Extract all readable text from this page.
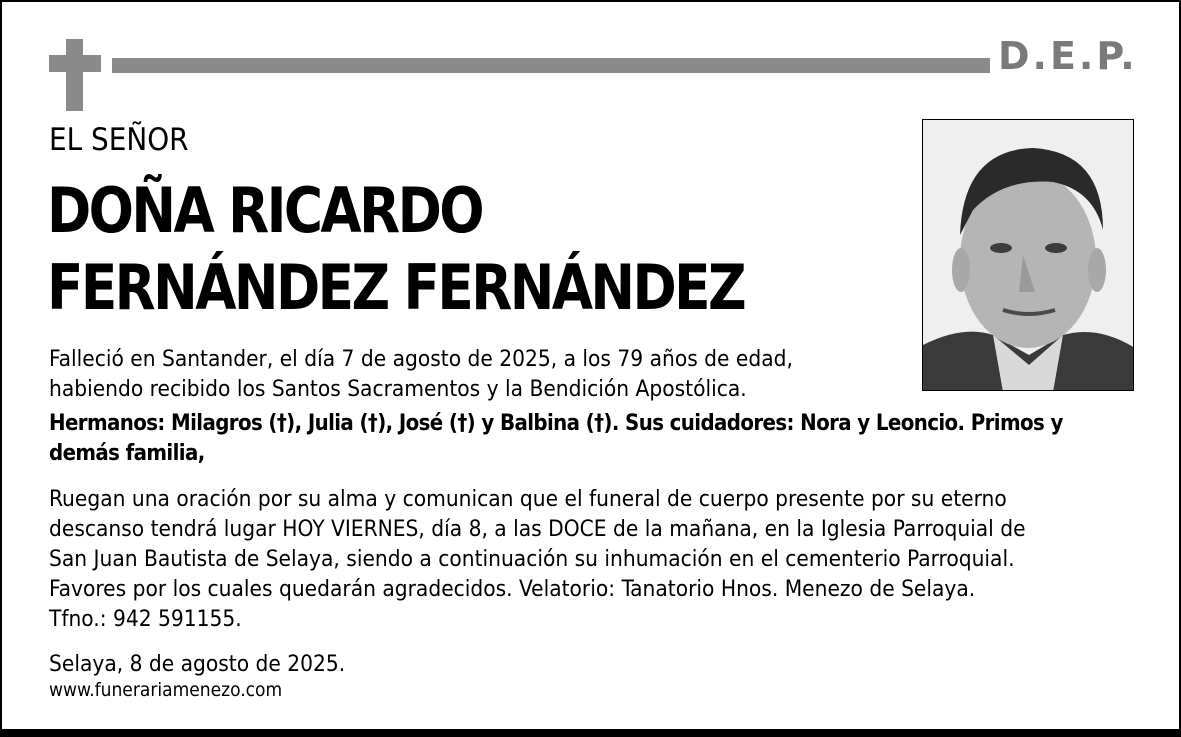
D.E.P.
EL SEÑOR
DOÑA RICARDO
FERNÁNDEZ FERNÁNDEZ
Falleció en Santander, el día 7 de agosto de 2025, a los 79 años de edad,
habiendo recibido los Santos Sacramentos y la Bendición Apostólica.
Hermanos: Milagros (†), Julia (†), José (†) y Balbina (†). Sus cuidadores: Nora y Leoncio. Primos y
demás familia,
Ruegan una oración por su alma y comunican que el funeral de cuerpo presente por su eterno
descanso tendrá lugar HOY VIERNES, día 8, a las DOCE de la mañana, en la Iglesia Parroquial de
San Juan Bautista de Selaya, siendo a continuación su inhumación en el cementerio Parroquial.
Favores por los cuales quedarán agradecidos. Velatorio: Tanatorio Hnos. Menezo de Selaya.
Tfno.: 942 591155.
Selaya, 8 de agosto de 2025.
www.funerariamenezo.com
